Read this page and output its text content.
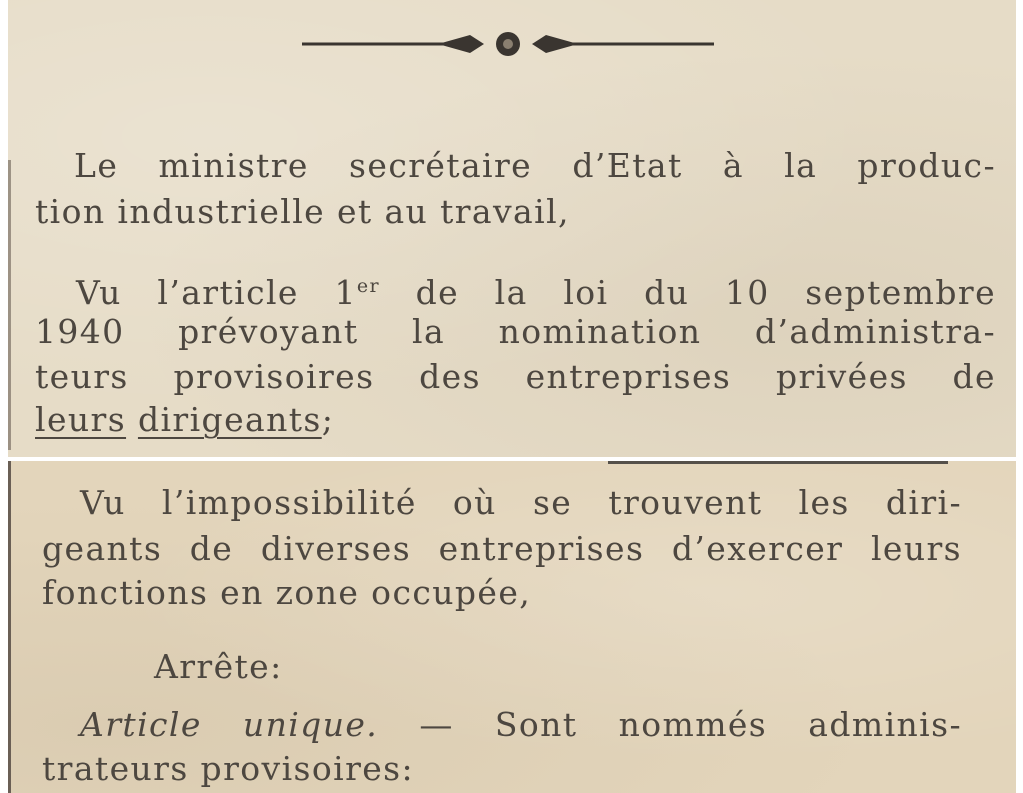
Le ministre secrétaire d’Etat à la produc-
tion industrielle et au travail,
Vu l’article 1er de la loi du 10 septembre
1940 prévoyant la nomination d’administra-
teurs provisoires des entreprises privées de
leurs dirigeants;
Vu l’impossibilité où se trouvent les diri-
geants de diverses entreprises d’exercer leurs
fonctions en zone occupée,
Arrête:
Article unique. — Sont nommés adminis-
trateurs provisoires:
